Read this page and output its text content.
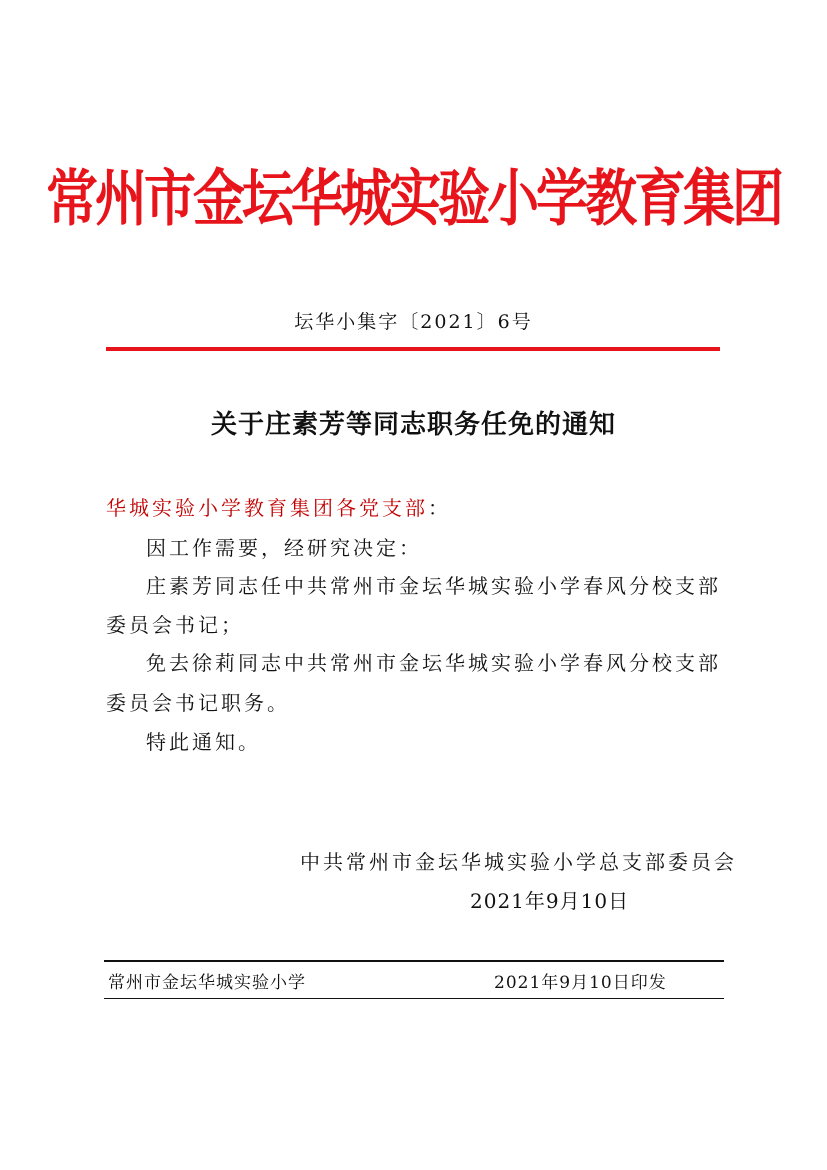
常州市金坛华城实验小学教育集团
坛华小集字〔2021〕6号
关于庄素芳等同志职务任免的通知

华城实验小学教育集团各党支部：

因工作需要，经研究决定：

庄素芳同志任中共常州市金坛华城实验小学春风分校支部

委员会书记；

免去徐莉同志中共常州市金坛华城实验小学春风分校支部

委员会书记职务。

特此通知。

中共常州市金坛华城实验小学总支部委员会

2021年9月10日

常州市金坛华城实验小学	2021年9月10日印发
